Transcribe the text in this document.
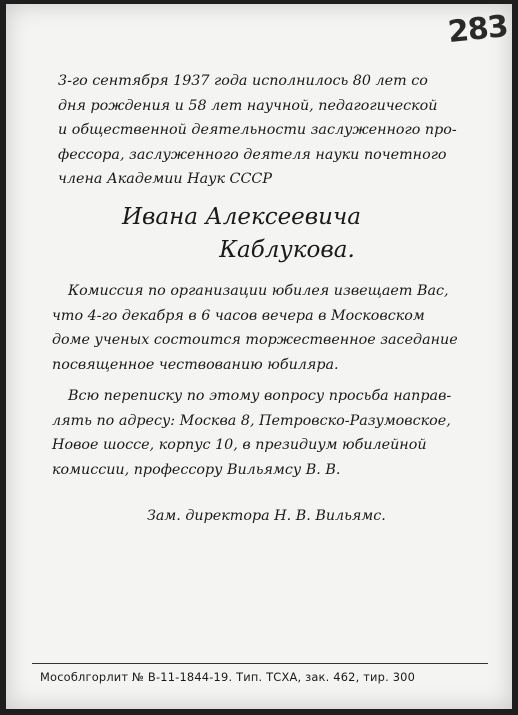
283

3-го сентября 1937 года исполнилось 80 лет со
дня рождения и 58 лет научной, педагогической
и общественной деятельности заслуженного про-
фессора, заслуженного деятеля науки почетного
члена Академии Наук СССР

Ивана Алексеевича
Каблукова.

Комиссия по организации юбилея извещает Вас,
что 4-го декабря в 6 часов вечера в Московском
доме ученых состоится торжественное заседание
посвященное чествованию юбиляра.

Всю переписку по этому вопросу просьба направ-
лять по адресу: Москва 8, Петровско-Разумовское,
Новое шоссе, корпус 10, в президиум юбилейной
комиссии, профессору Вильямсу В. В.

Зам. директора Н. В. Вильямс.
Мособлгорлит № В-11-1844-19. Тип. ТСХА, зак. 462, тир. 300
